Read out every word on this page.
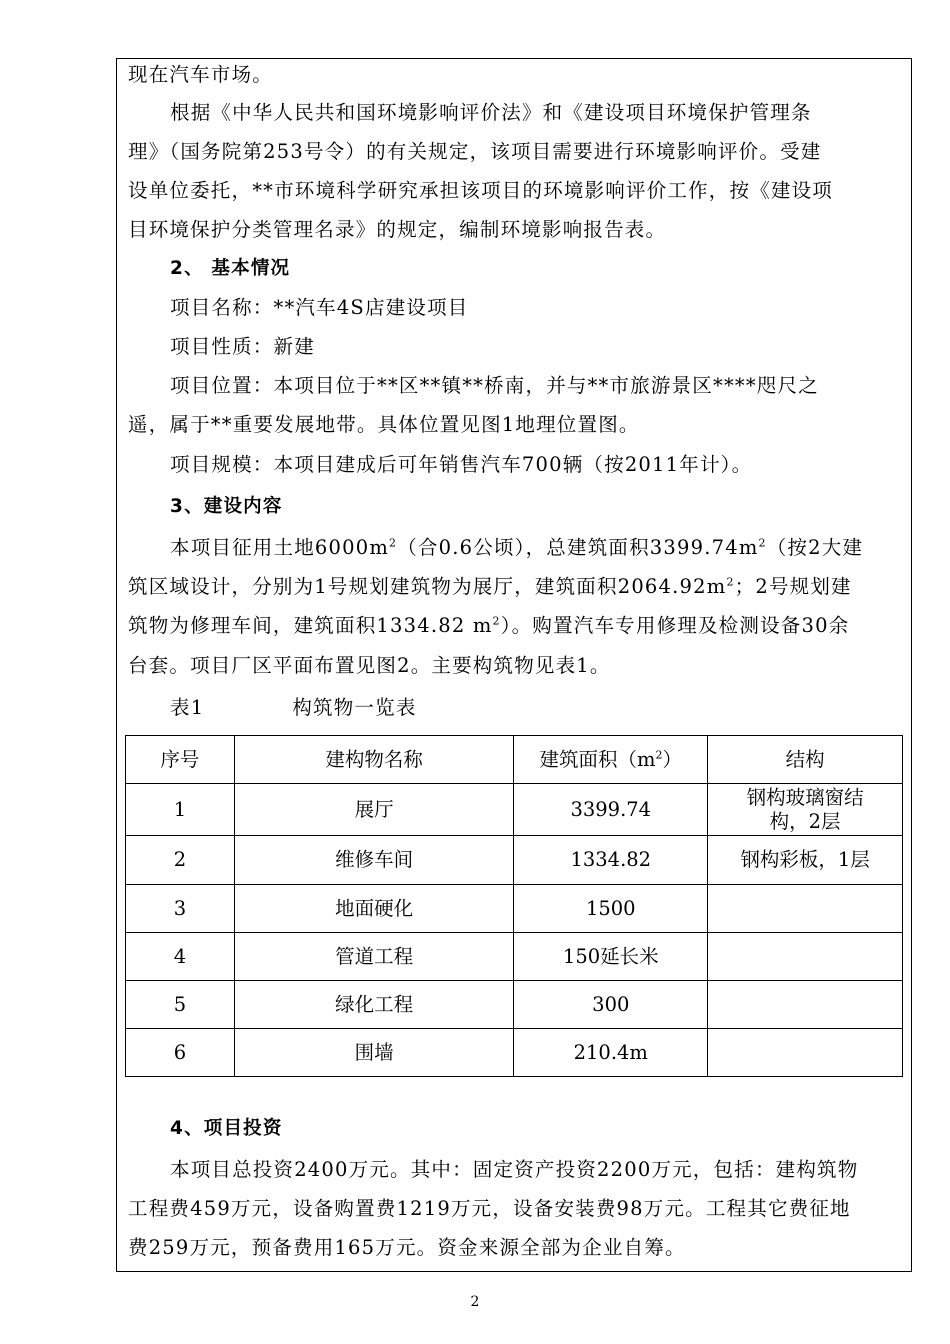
现在汽车市场。
根据《中华人民共和国环境影响评价法》和《建设项目环境保护管理条
理》（国务院第253号令）的有关规定，该项目需要进行环境影响评价。受建
设单位委托，**市环境科学研究承担该项目的环境影响评价工作，按《建设项
目环境保护分类管理名录》的规定，编制环境影响报告表。
2、 基本情况
项目名称：**汽车4S店建设项目
项目性质：新建
项目位置：本项目位于**区**镇**桥南，并与**市旅游景区****咫尺之
遥，属于**重要发展地带。具体位置见图1地理位置图。
项目规模：本项目建成后可年销售汽车700辆（按2011年计）。
3、建设内容
本项目征用土地$6000m^2$（合0.6公顷），总建筑面积$3399.74m^2$（按2大建
筑区域设计，分别为1号规划建筑物为展厅，建筑面积$2064.92m^2$；2号规划建
筑物为修理车间，建筑面积1334.82 $m^2$）。购置汽车专用修理及检测设备30余
台套。项目厂区平面布置见图2。主要构筑物见表1。
表1	构筑物一览表
序号	建构物名称	建筑面积$(m^2)$	结构
1	展厅	3399.74	钢构玻璃窗结构，2层
2	维修车间	1334.82	钢构彩板，1层
3	地面硬化	1500	
4	管道工程	150延长米	
5	绿化工程	300	
6	围墙	210.4m	
4、项目投资
本项目总投资2400万元。其中：固定资产投资2200万元，包括：建构筑物
工程费459万元，设备购置费1219万元，设备安装费98万元。工程其它费征地
费259万元，预备费用165万元。资金来源全部为企业自筹。
2
